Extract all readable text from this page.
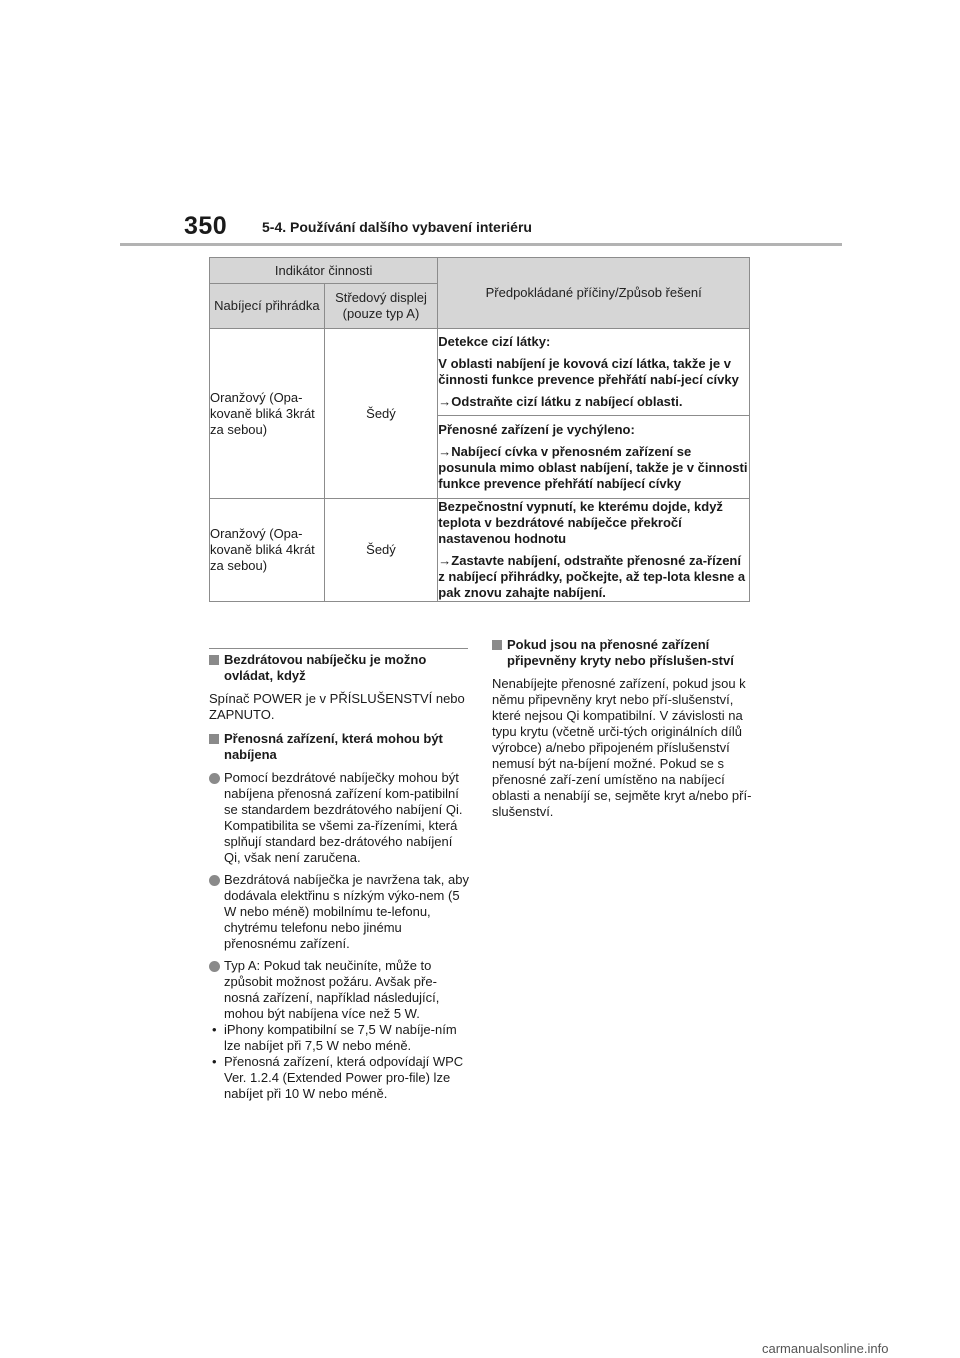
350 5-4. Používání dalšího vybavení interiéru
Indikátor činnosti		Předpokládané příčiny/Způsob řešení
Nabíjecí přihrádka	Středový displej (pouze typ A)	
Oranžový (Opa-kovaně bliká 3krát za sebou)	Šedý	Detekce cizí látky:

V oblasti nabíjení je kovová cizí látka, takže je v činnosti funkce prevence přehřátí nabí-jecí cívky

→Odstraňte cizí látku z nabíjecí oblasti.

		Přenosné zařízení je vychýleno:

→Nabíjecí cívka v přenosném zařízení se posunula mimo oblast nabíjení, takže je v činnosti funkce prevence přehřátí nabíjecí cívky

Oranžový (Opa-kovaně bliká 4krát za sebou)	Šedý	Bezpečnostní vypnutí, ke kterému dojde, když teplota v bezdrátové nabíječce překročí nastavenou hodnotu

→Zastavte nabíjení, odstraňte přenosné za-řízení z nabíjecí přihrádky, počkejte, až tep-lota klesne a pak znovu zahajte nabíjení.

Bezdrátovou nabíječku je možno ovládat, když

Spínač POWER je v PŘÍSLUŠENSTVÍ nebo ZAPNUTO.

Přenosná zařízení, která mohou být nabíjena
Pomocí bezdrátové nabíječky mohou být nabíjena přenosná zařízení kom-patibilní se standardem bezdrátového nabíjení Qi. Kompatibilita se všemi za-řízeními, která splňují standard bez-drátového nabíjení Qi, však není zaručena.
Bezdrátová nabíječka je navržena tak, aby dodávala elektřinu s nízkým výko-nem (5 W nebo méně) mobilnímu te-lefonu, chytrému telefonu nebo jinému přenosnému zařízení.
Typ A: Pokud tak neučiníte, může to způsobit možnost požáru. Avšak pře-nosná zařízení, například následující, mohou být nabíjena více než 5 W.
• iPhony kompatibilní se 7,5 W nabíje-ním lze nabíjet při 7,5 W nebo méně.
• Přenosná zařízení, která odpovídají WPC Ver. 1.2.4 (Extended Power pro-file) lze nabíjet při 10 W nebo méně.
Pokud jsou na přenosné zařízení připevněny kryty nebo příslušen-ství

Nenabíjejte přenosné zařízení, pokud jsou k němu připevněny kryt nebo pří-slušenství, které nejsou Qi kompatibilní. V závislosti na typu krytu (včetně urči-tých originálních dílů výrobce) a/nebo připojeném příslušenství nemusí být na-bíjení možné. Pokud se s přenosné zaří-zení umístěno na nabíjecí oblasti a nenabíjí se, sejměte kryt a/nebo pří-slušenství.

carmanualsonline.info
